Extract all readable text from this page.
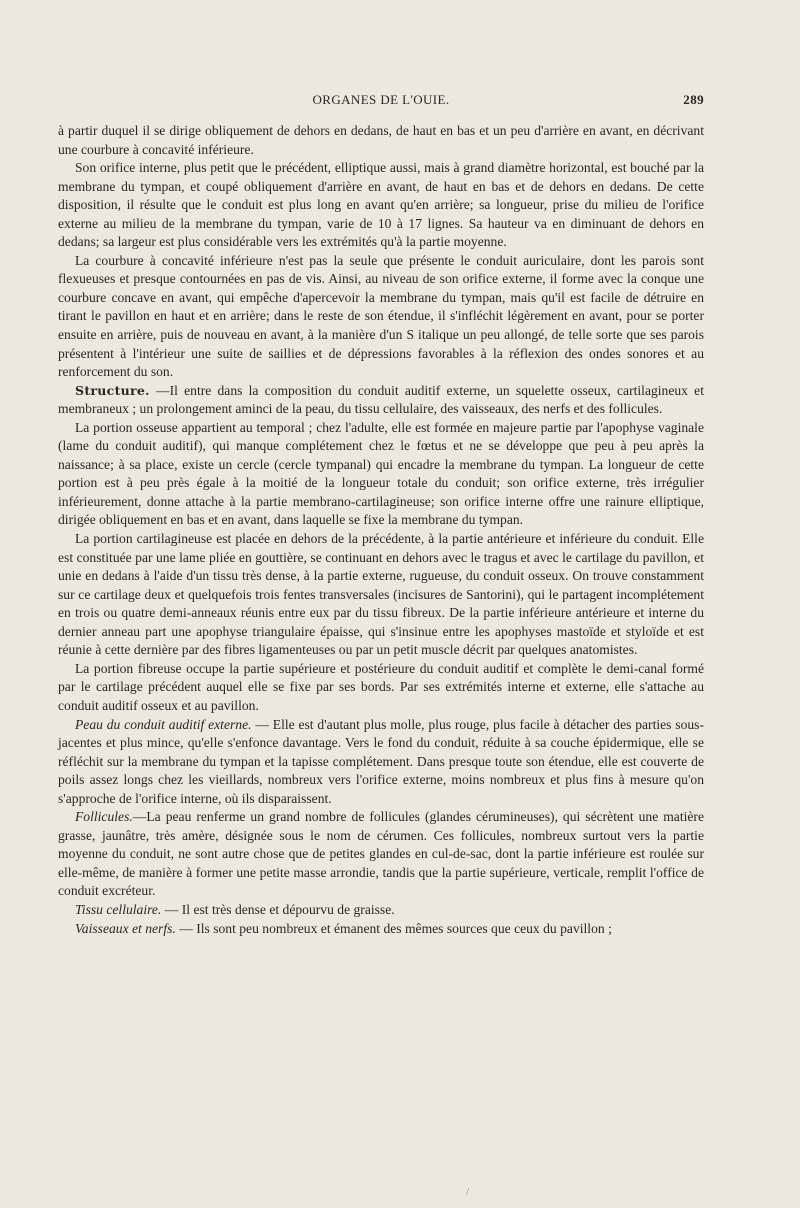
ORGANES DE L'OUIE.	289

à partir duquel il se dirige obliquement de dehors en dedans, de haut en bas et un peu d'arrière en avant, en décrivant une courbure à concavité inférieure.

Son orifice interne, plus petit que le précédent, elliptique aussi, mais à grand diamètre horizontal, est bouché par la membrane du tympan, et coupé obliquement d'arrière en avant, de haut en bas et de dehors en dedans. De cette disposition, il résulte que le conduit est plus long en avant qu'en arrière; sa longueur, prise du milieu de l'orifice externe au milieu de la membrane du tympan, varie de 10 à 17 lignes. Sa hauteur va en diminuant de dehors en dedans; sa largeur est plus considérable vers les extrémités qu'à la partie moyenne.

La courbure à concavité inférieure n'est pas la seule que présente le conduit auriculaire, dont les parois sont flexueuses et presque contournées en pas de vis. Ainsi, au niveau de son orifice externe, il forme avec la conque une courbure concave en avant, qui empêche d'apercevoir la membrane du tympan, mais qu'il est facile de détruire en tirant le pavillon en haut et en arrière; dans le reste de son étendue, il s'infléchit légèrement en avant, pour se porter ensuite en arrière, puis de nouveau en avant, à la manière d'un S italique un peu allongé, de telle sorte que ses parois présentent à l'intérieur une suite de saillies et de dépressions favorables à la réflexion des ondes sonores et au renforcement du son.

Structure. —Il entre dans la composition du conduit auditif externe, un squelette osseux, cartilagineux et membraneux ; un prolongement aminci de la peau, du tissu cellulaire, des vaisseaux, des nerfs et des follicules.

La portion osseuse appartient au temporal ; chez l'adulte, elle est formée en majeure partie par l'apophyse vaginale (lame du conduit auditif), qui manque complétement chez le fœtus et ne se développe que peu à peu après la naissance; à sa place, existe un cercle (cercle tympanal) qui encadre la membrane du tympan. La longueur de cette portion est à peu près égale à la moitié de la longueur totale du conduit; son orifice externe, très irrégulier inférieurement, donne attache à la partie membrano-cartilagineuse; son orifice interne offre une rainure elliptique, dirigée obliquement en bas et en avant, dans laquelle se fixe la membrane du tympan.

La portion cartilagineuse est placée en dehors de la précédente, à la partie antérieure et inférieure du conduit. Elle est constituée par une lame pliée en gouttière, se continuant en dehors avec le tragus et avec le cartilage du pavillon, et unie en dedans à l'aide d'un tissu très dense, à la partie externe, rugueuse, du conduit osseux. On trouve constamment sur ce cartilage deux et quelquefois trois fentes transversales (incisures de Santorini), qui le partagent incomplétement en trois ou quatre demi-anneaux réunis entre eux par du tissu fibreux. De la partie inférieure antérieure et interne du dernier anneau part une apophyse triangulaire épaisse, qui s'insinue entre les apophyses mastoïde et styloïde et est réunie à cette dernière par des fibres ligamenteuses ou par un petit muscle décrit par quelques anatomistes.

La portion fibreuse occupe la partie supérieure et postérieure du conduit auditif et complète le demi-canal formé par le cartilage précédent auquel elle se fixe par ses bords. Par ses extrémités interne et externe, elle s'attache au conduit auditif osseux et au pavillon.

Peau du conduit auditif externe. — Elle est d'autant plus molle, plus rouge, plus facile à détacher des parties sous-jacentes et plus mince, qu'elle s'enfonce davantage. Vers le fond du conduit, réduite à sa couche épidermique, elle se réfléchit sur la membrane du tympan et la tapisse complétement. Dans presque toute son étendue, elle est couverte de poils assez longs chez les vieillards, nombreux vers l'orifice externe, moins nombreux et plus fins à mesure qu'on s'approche de l'orifice interne, où ils disparaissent.

Follicules.—La peau renferme un grand nombre de follicules (glandes cérumineuses), qui sécrètent une matière grasse, jaunâtre, très amère, désignée sous le nom de cérumen. Ces follicules, nombreux surtout vers la partie moyenne du conduit, ne sont autre chose que de petites glandes en cul-de-sac, dont la partie inférieure est roulée sur elle-même, de manière à former une petite masse arrondie, tandis que la partie supérieure, verticale, remplit l'office de conduit excréteur.

Tissu cellulaire. — Il est très dense et dépourvu de graisse.

Vaisseaux et nerfs. — Ils sont peu nombreux et émanent des mêmes sources que ceux du pavillon ;

/
